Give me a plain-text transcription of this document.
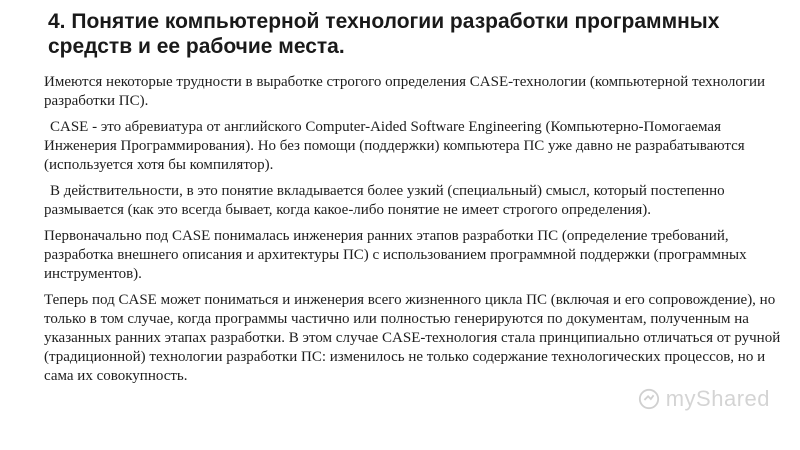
4. Понятие компьютерной технологии разработки программных средств и ее рабочие места.

Имеются некоторые трудности в выработке строгого определения CASE-технологии (компьютерной технологии разработки ПС).

CASE - это абревиатура от английского Computer-Aided Software Engineering (Компьютерно-Помогаемая Инженерия Программирования). Но без помощи (поддержки) компьютера ПС уже давно не разрабатываются (используется хотя бы компилятор).

В действительности, в это понятие вкладывается более узкий (специальный) смысл, который постепенно размывается (как это всегда бывает, когда какое-либо понятие не имеет строгого определения).

Первоначально под CASE понималась инженерия ранних этапов разработки ПС (определение требований, разработка внешнего описания и архитектуры ПС) с использованием программной поддержки (программных инструментов).

Теперь под CASE может пониматься и инженерия всего жизненного цикла ПС (включая и его сопровождение), но только в том случае, когда программы частично или полностью генерируются по документам, полученным на указанных ранних этапах разработки. В этом случае CASE-технология стала принципиально отличаться от ручной (традиционной) технологии разработки ПС: изменилось не только содержание технологических процессов, но и сама их совокупность.

myShared
